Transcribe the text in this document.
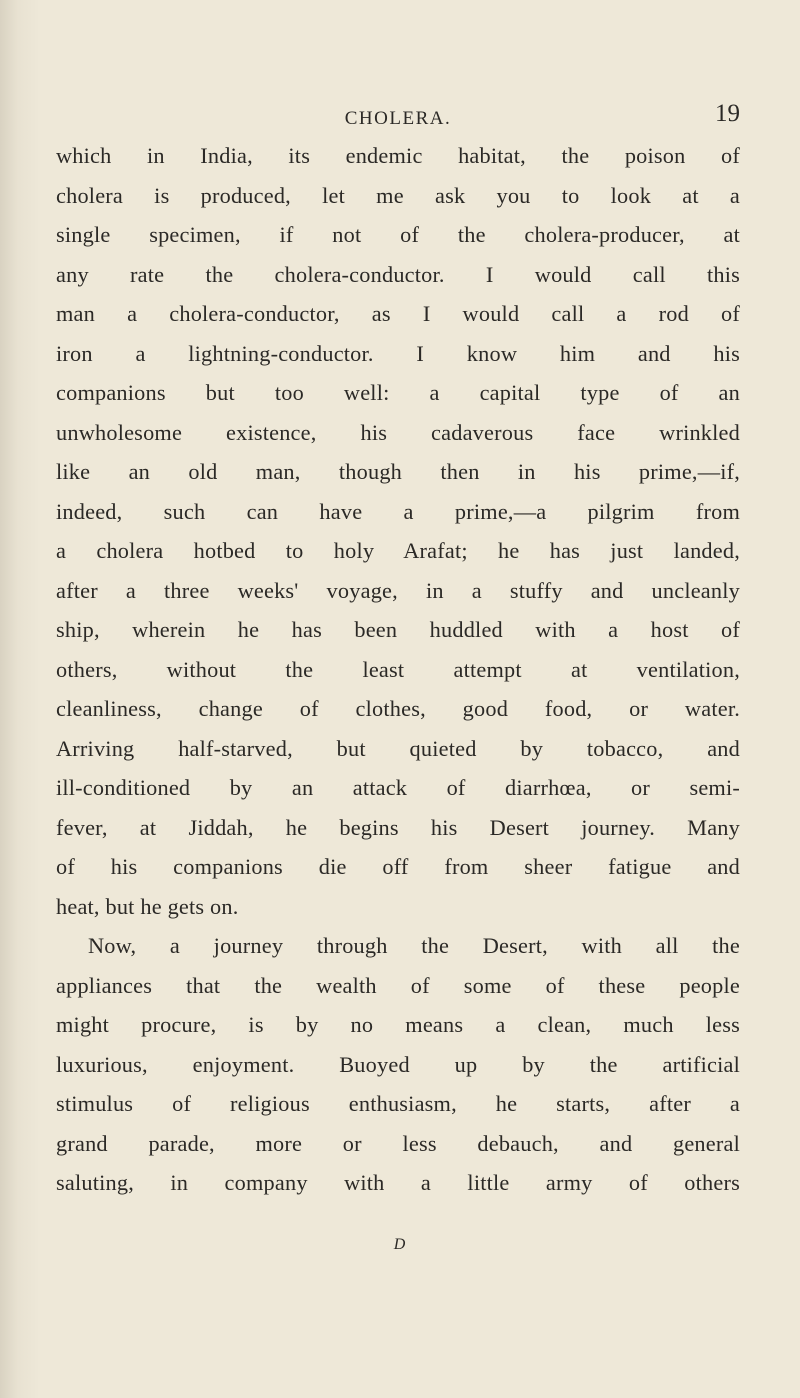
CHOLERA.	19
which in India, its endemic habitat, the poison of
cholera is produced, let me ask you to look at a
single specimen, if not of the cholera-producer, at
any rate the cholera-conductor. I would call this
man a cholera-conductor, as I would call a rod of
iron a lightning-conductor. I know him and his
companions but too well: a capital type of an
unwholesome existence, his cadaverous face wrinkled
like an old man, though then in his prime,—if,
indeed, such can have a prime,—a pilgrim from
a cholera hotbed to holy Arafat; he has just landed,
after a three weeks' voyage, in a stuffy and uncleanly
ship, wherein he has been huddled with a host of
others, without the least attempt at ventilation,
cleanliness, change of clothes, good food, or water.
Arriving half-starved, but quieted by tobacco, and
ill-conditioned by an attack of diarrhœa, or semi-
fever, at Jiddah, he begins his Desert journey. Many
of his companions die off from sheer fatigue and
heat, but he gets on.
Now, a journey through the Desert, with all the
appliances that the wealth of some of these people
might procure, is by no means a clean, much less
luxurious, enjoyment. Buoyed up by the artificial
stimulus of religious enthusiasm, he starts, after a
grand parade, more or less debauch, and general
saluting, in company with a little army of others
D
